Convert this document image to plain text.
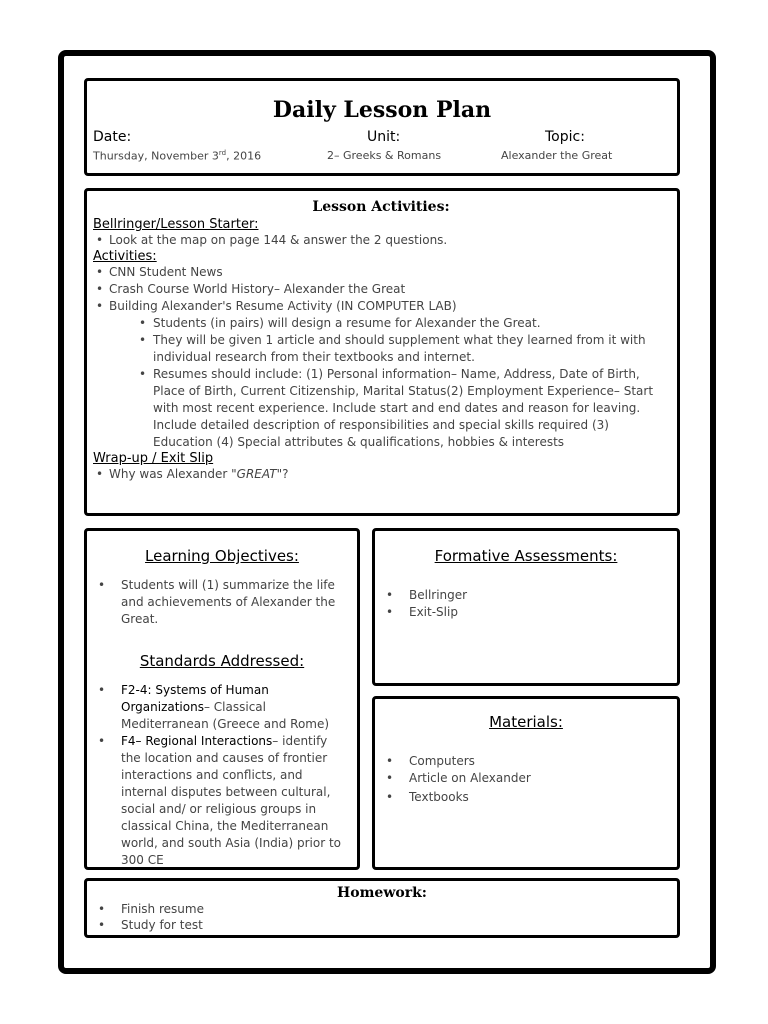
Daily Lesson Plan
Date:
Thursday, November 3rd, 2016
Unit:
2– Greeks & Romans
Topic:
Alexander the Great
Lesson Activities:
Bellringer/Lesson Starter:
• Look at the map on page 144 & answer the 2 questions.
Activities:
• CNN Student News
• Crash Course World History– Alexander the Great
• Building Alexander's Resume Activity (IN COMPUTER LAB)
• Students (in pairs) will design a resume for Alexander the Great.
• They will be given 1 article and should supplement what they learned from it with individual research from their textbooks and internet.
• Resumes should include: (1) Personal information– Name, Address, Date of Birth, Place of Birth, Current Citizenship, Marital Status(2) Employment Experience– Start with most recent experience. Include start and end dates and reason for leaving. Include detailed description of responsibilities and special skills required (3) Education (4) Special attributes & qualifications, hobbies & interests
Wrap-up / Exit Slip
• Why was Alexander "GREAT"?
Learning Objectives:
• Students will (1) summarize the life and achievements of Alexander the Great.
Standards Addressed:
• F2-4: Systems of Human Organizations– Classical Mediterranean (Greece and Rome)
• F4– Regional Interactions– identify the location and causes of frontier interactions and conflicts, and internal disputes between cultural, social and/ or religious groups in classical China, the Mediterranean world, and south Asia (India) prior to 300 CE
Formative Assessments:
• Bellringer
• Exit-Slip
Materials:
• Computers
• Article on Alexander
• Textbooks
Homework:
• Finish resume
• Study for test
